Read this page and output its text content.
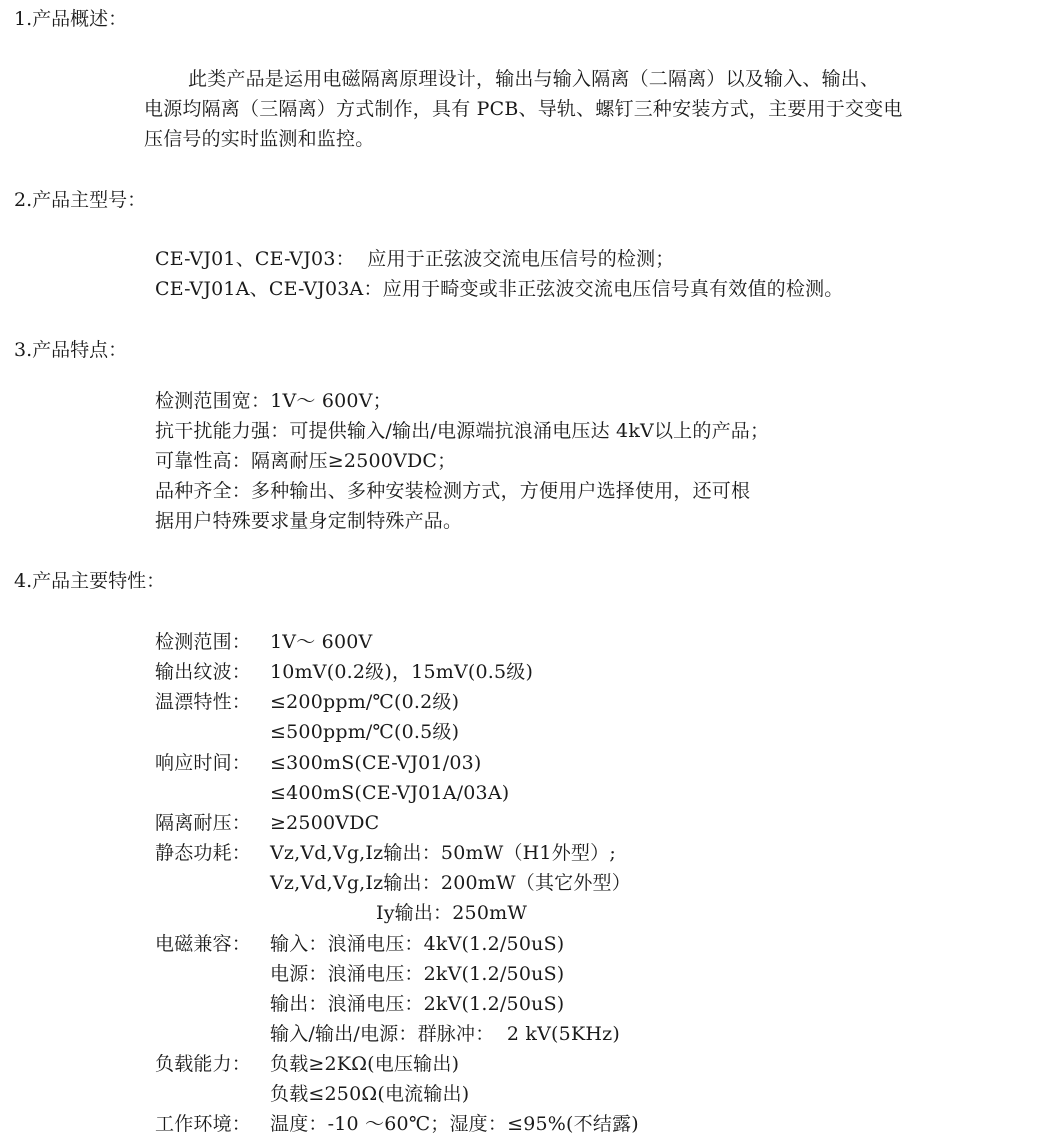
1.产品概述：
此类产品是运用电磁隔离原理设计，输出与输入隔离（二隔离）以及输入、输出、
电源均隔离（三隔离）方式制作，具有 PCB、导轨、螺钉三种安装方式，主要用于交变电
压信号的实时监测和监控。
2.产品主型号：
CE-VJ01、CE-VJ03：  应用于正弦波交流电压信号的检测；
CE-VJ01A、CE-VJ03A：应用于畸变或非正弦波交流电压信号真有效值的检测。
3.产品特点：
检测范围宽：1V～ 600V；
抗干扰能力强：可提供输入/输出/电源端抗浪涌电压达 4kV以上的产品；
可靠性高：隔离耐压≥2500VDC；
品种齐全：多种输出、多种安装检测方式，方便用户选择使用，还可根
据用户特殊要求量身定制特殊产品。
4.产品主要特性：
检测范围： 1V～ 600V
输出纹波： 10mV(0.2级)，15mV(0.5级)
温漂特性： ≤200ppm/℃(0.2级)
≤500ppm/℃(0.5级)
响应时间： ≤300mS(CE-VJ01/03)
≤400mS(CE-VJ01A/03A)
隔离耐压： ≥2500VDC
静态功耗： Vz,Vd,Vg,Iz输出：50mW（H1外型）;
Vz,Vd,Vg,Iz输出：200mW（其它外型）
Iy输出：250mW
电磁兼容： 输入：浪涌电压：4kV(1.2/50uS)
电源：浪涌电压：2kV(1.2/50uS)
输出：浪涌电压：2kV(1.2/50uS)
输入/输出/电源：群脉冲：  2 kV(5KHz)
负载能力： 负载≥2KΩ(电压输出)
负载≤250Ω(电流输出)
工作环境： 温度：-10 ～60℃；湿度：≤95%(不结露)
